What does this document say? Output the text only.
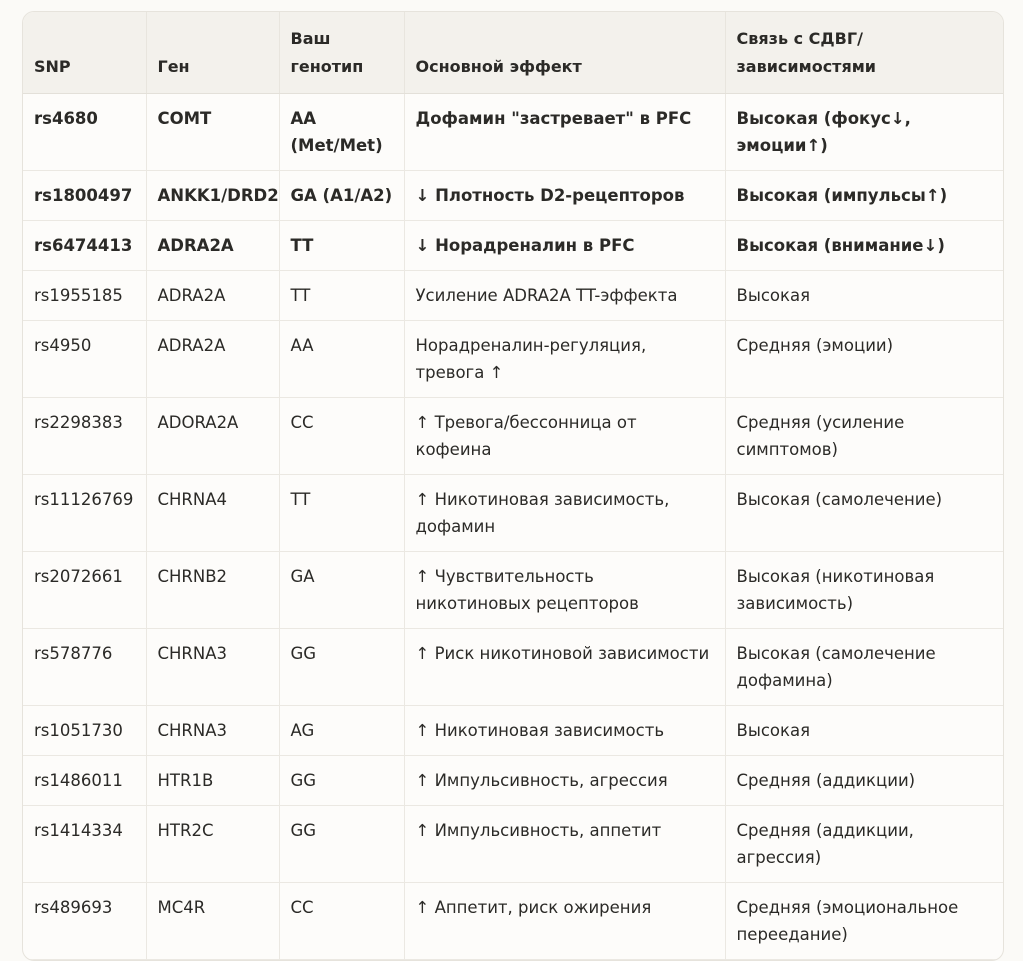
SNP	Ген	Ваш генотип	Основной эффект	Связь с СДВГ/ зависимостями
rs4680	COMT	AA (Met/Met)	Дофамин "застревает" в PFC	Высокая (фокус↓, эмоции↑)
rs1800497	ANKK1/DRD2	GA (A1/A2)	↓ Плотность D2-рецепторов	Высокая (импульсы↑)
rs6474413	ADRA2A	TT	↓ Норадреналин в PFC	Высокая (внимание↓)
rs1955185	ADRA2A	TT	Усиление ADRA2A TT-эффекта	Высокая
rs4950	ADRA2A	AA	Норадреналин-регуляция, тревога ↑	Средняя (эмоции)
rs2298383	ADORA2A	CC	↑ Тревога/бессонница от кофеина	Средняя (усиление симптомов)
rs11126769	CHRNA4	TT	↑ Никотиновая зависимость, дофамин	Высокая (самолечение)
rs2072661	CHRNB2	GA	↑ Чувствительность никотиновых рецепторов	Высокая (никотиновая зависимость)
rs578776	CHRNA3	GG	↑ Риск никотиновой зависимости	Высокая (самолечение дофамина)
rs1051730	CHRNA3	AG	↑ Никотиновая зависимость	Высокая
rs1486011	HTR1B	GG	↑ Импульсивность, агрессия	Средняя (аддикции)
rs1414334	HTR2C	GG	↑ Импульсивность, аппетит	Средняя (аддикции, агрессия)
rs489693	MC4R	CC	↑ Аппетит, риск ожирения	Средняя (эмоциональное переедание)
